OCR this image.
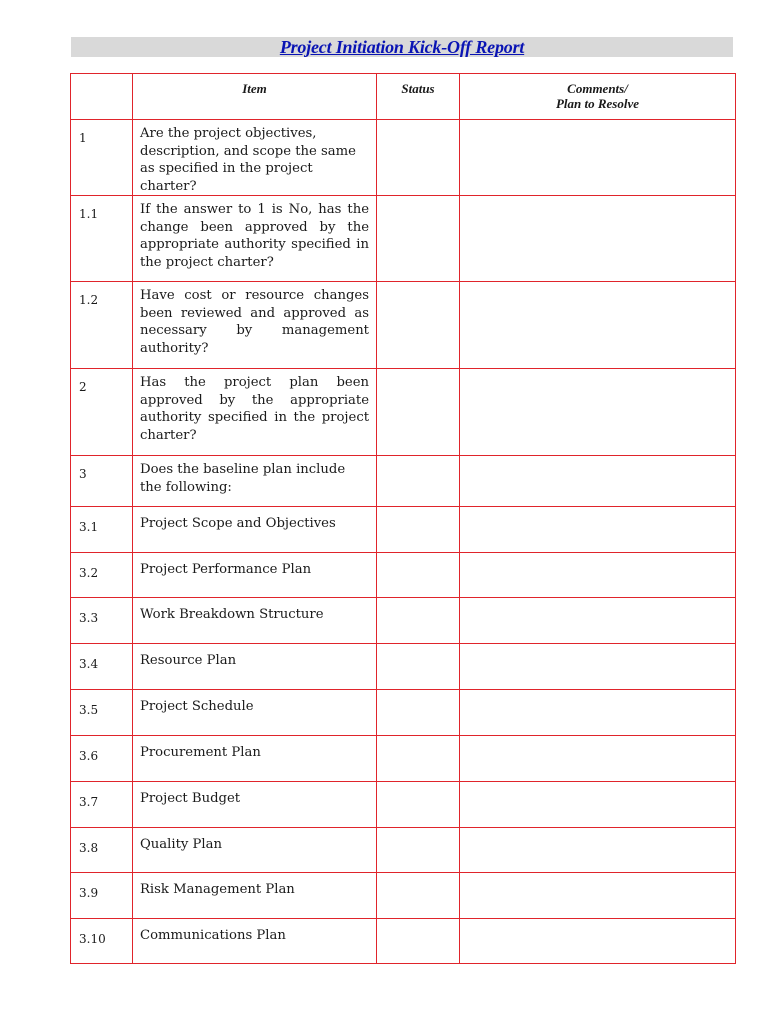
Project Initiation Kick-Off Report
	Item	Status	Comments/
Plan to Resolve
1	Are the project objectives, description, and scope the same as specified in the project charter?		
1.1	If the answer to 1 is No, has the change been approved by the appropriate authority specified in the project charter?		
1.2	Have cost or resource changes been reviewed and approved as necessary by management authority?		
2	Has the project plan been approved by the appropriate authority specified in the project charter?		
3	Does the baseline plan include the following:		
3.1	Project Scope and Objectives		
3.2	Project Performance Plan		
3.3	Work Breakdown Structure		
3.4	Resource Plan		
3.5	Project Schedule		
3.6	Procurement Plan		
3.7	Project Budget		
3.8	Quality Plan		
3.9	Risk Management Plan		
3.10	Communications Plan		
